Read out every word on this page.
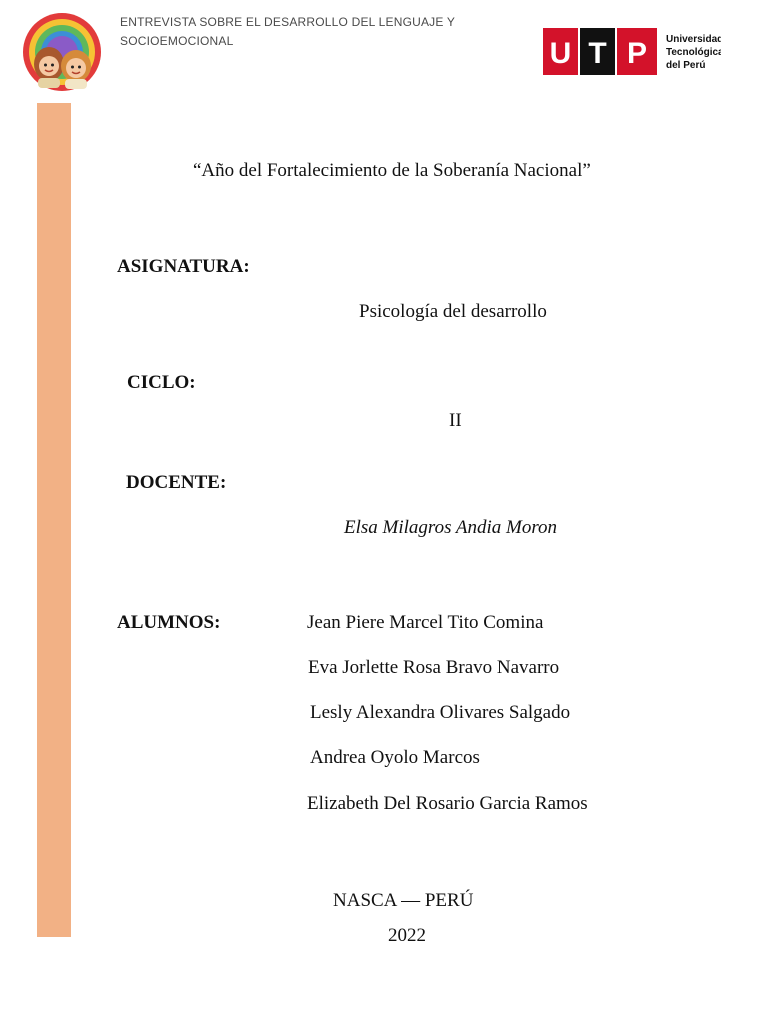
ENTREVISTA SOBRE EL DESARROLLO DEL LENGUAJE Y SOCIOEMOCIONAL	U T P Universidad
Tecnológica
del Perú
“Año del Fortalecimiento de la Soberanía Nacional”
ASIGNATURA:
Psicología del desarrollo
CICLO:
II
DOCENTE:
Elsa Milagros Andia Moron
ALUMNOS:	Jean Piere Marcel Tito Comina
Eva Jorlette Rosa Bravo Navarro
Lesly Alexandra Olivares Salgado
Andrea Oyolo Marcos
Elizabeth Del Rosario Garcia Ramos
NASCA — PERÚ
2022
